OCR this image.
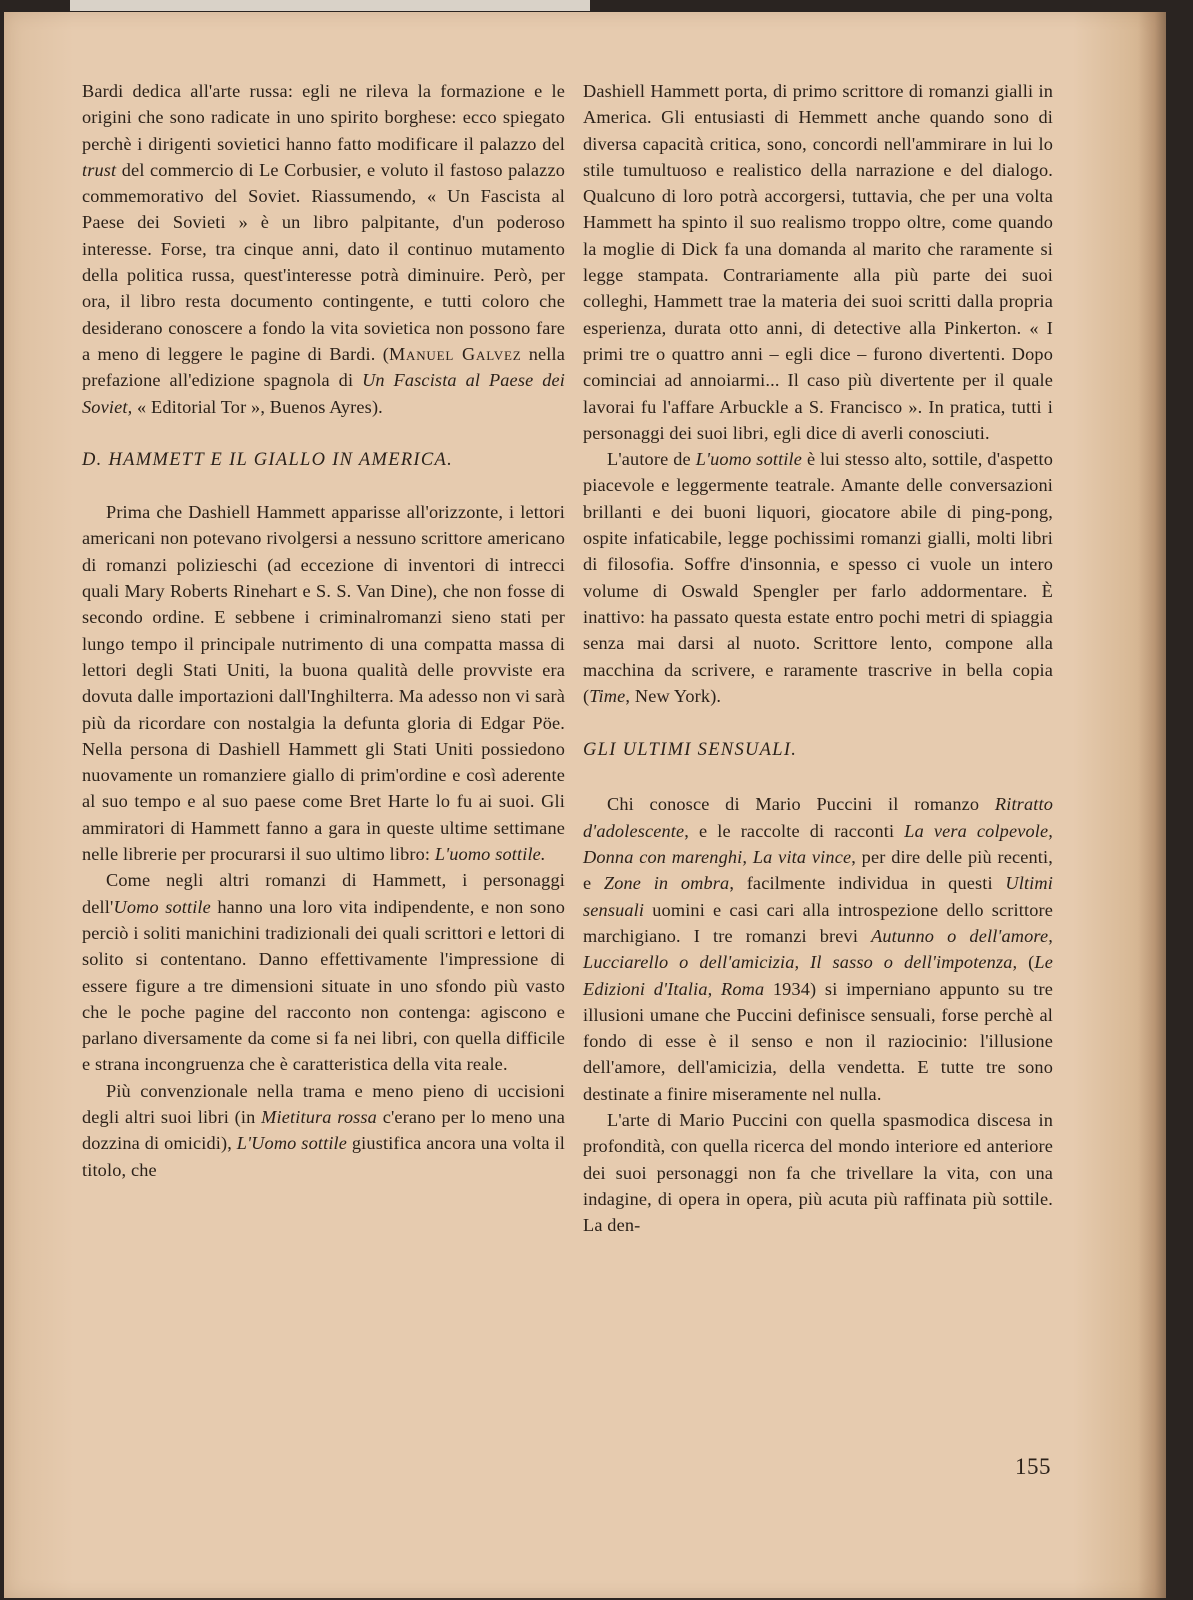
Bardi dedica all'arte russa: egli ne rileva la formazione e le origini che sono radicate in uno spirito borghese: ecco spiegato perchè i dirigenti sovietici hanno fatto modificare il palazzo del trust del commercio di Le Corbusier, e voluto il fastoso palazzo commemorativo del Soviet. Riassumendo, « Un Fascista al Paese dei Sovieti » è un libro palpitante, d'un poderoso interesse. Forse, tra cinque anni, dato il continuo mutamento della politica russa, quest'interesse potrà diminuire. Però, per ora, il libro resta documento contingente, e tutti coloro che desiderano conoscere a fondo la vita sovietica non possono fare a meno di leggere le pagine di Bardi. (Manuel Galvez nella prefazione all'edizione spagnola di Un Fascista al Paese dei Soviet, « Editorial Tor », Buenos Ayres).

D. HAMMETT E IL GIALLO IN AMERICA.

Prima che Dashiell Hammett apparisse all'orizzonte, i lettori americani non potevano rivolgersi a nessuno scrittore americano di romanzi polizieschi (ad eccezione di inventori di intrecci quali Mary Roberts Rinehart e S. S. Van Dine), che non fosse di secondo ordine. E sebbene i criminalromanzi sieno stati per lungo tempo il principale nutrimento di una compatta massa di lettori degli Stati Uniti, la buona qualità delle provviste era dovuta dalle importazioni dall'Inghilterra. Ma adesso non vi sarà più da ricordare con nostalgia la defunta gloria di Edgar Pöe. Nella persona di Dashiell Hammett gli Stati Uniti possiedono nuovamente un romanziere giallo di prim'ordine e così aderente al suo tempo e al suo paese come Bret Harte lo fu ai suoi. Gli ammiratori di Hammett fanno a gara in queste ultime settimane nelle librerie per procurarsi il suo ultimo libro: L'uomo sottile.

Come negli altri romanzi di Hammett, i personaggi dell'Uomo sottile hanno una loro vita indipendente, e non sono perciò i soliti manichini tradizionali dei quali scrittori e lettori di solito si contentano. Danno effettivamente l'impressione di essere figure a tre dimensioni situate in uno sfondo più vasto che le poche pagine del racconto non contenga: agiscono e parlano diversamente da come si fa nei libri, con quella difficile e strana incongruenza che è caratteristica della vita reale.

Più convenzionale nella trama e meno pieno di uccisioni degli altri suoi libri (in Mietitura rossa c'erano per lo meno una dozzina di omicidi), L'Uomo sottile giustifica ancora una volta il titolo, che

Dashiell Hammett porta, di primo scrittore di romanzi gialli in America. Gli entusiasti di Hemmett anche quando sono di diversa capacità critica, sono, concordi nell'ammirare in lui lo stile tumultuoso e realistico della narrazione e del dialogo. Qualcuno di loro potrà accorgersi, tuttavia, che per una volta Hammett ha spinto il suo realismo troppo oltre, come quando la moglie di Dick fa una domanda al marito che raramente si legge stampata. Contrariamente alla più parte dei suoi colleghi, Hammett trae la materia dei suoi scritti dalla propria esperienza, durata otto anni, di detective alla Pinkerton. « I primi tre o quattro anni – egli dice – furono divertenti. Dopo cominciai ad annoiarmi... Il caso più divertente per il quale lavorai fu l'affare Arbuckle a S. Francisco ». In pratica, tutti i personaggi dei suoi libri, egli dice di averli conosciuti.

L'autore de L'uomo sottile è lui stesso alto, sottile, d'aspetto piacevole e leggermente teatrale. Amante delle conversazioni brillanti e dei buoni liquori, giocatore abile di ping-pong, ospite infaticabile, legge pochissimi romanzi gialli, molti libri di filosofia. Soffre d'insonnia, e spesso ci vuole un intero volume di Oswald Spengler per farlo addormentare. È inattivo: ha passato questa estate entro pochi metri di spiaggia senza mai darsi al nuoto. Scrittore lento, compone alla macchina da scrivere, e raramente trascrive in bella copia (Time, New York).

GLI ULTIMI SENSUALI.

Chi conosce di Mario Puccini il romanzo Ritratto d'adolescente, e le raccolte di racconti La vera colpevole, Donna con marenghi, La vita vince, per dire delle più recenti, e Zone in ombra, facilmente individua in questi Ultimi sensuali uomini e casi cari alla introspezione dello scrittore marchigiano. I tre romanzi brevi Autunno o dell'amore, Lucciarello o dell'amicizia, Il sasso o dell'impotenza, (Le Edizioni d'Italia, Roma 1934) si imperniano appunto su tre illusioni umane che Puccini definisce sensuali, forse perchè al fondo di esse è il senso e non il raziocinio: l'illusione dell'amore, dell'amicizia, della vendetta. E tutte tre sono destinate a finire miseramente nel nulla.

L'arte di Mario Puccini con quella spasmodica discesa in profondità, con quella ricerca del mondo interiore ed anteriore dei suoi personaggi non fa che trivellare la vita, con una indagine, di opera in opera, più acuta più raffinata più sottile. La den-

155
